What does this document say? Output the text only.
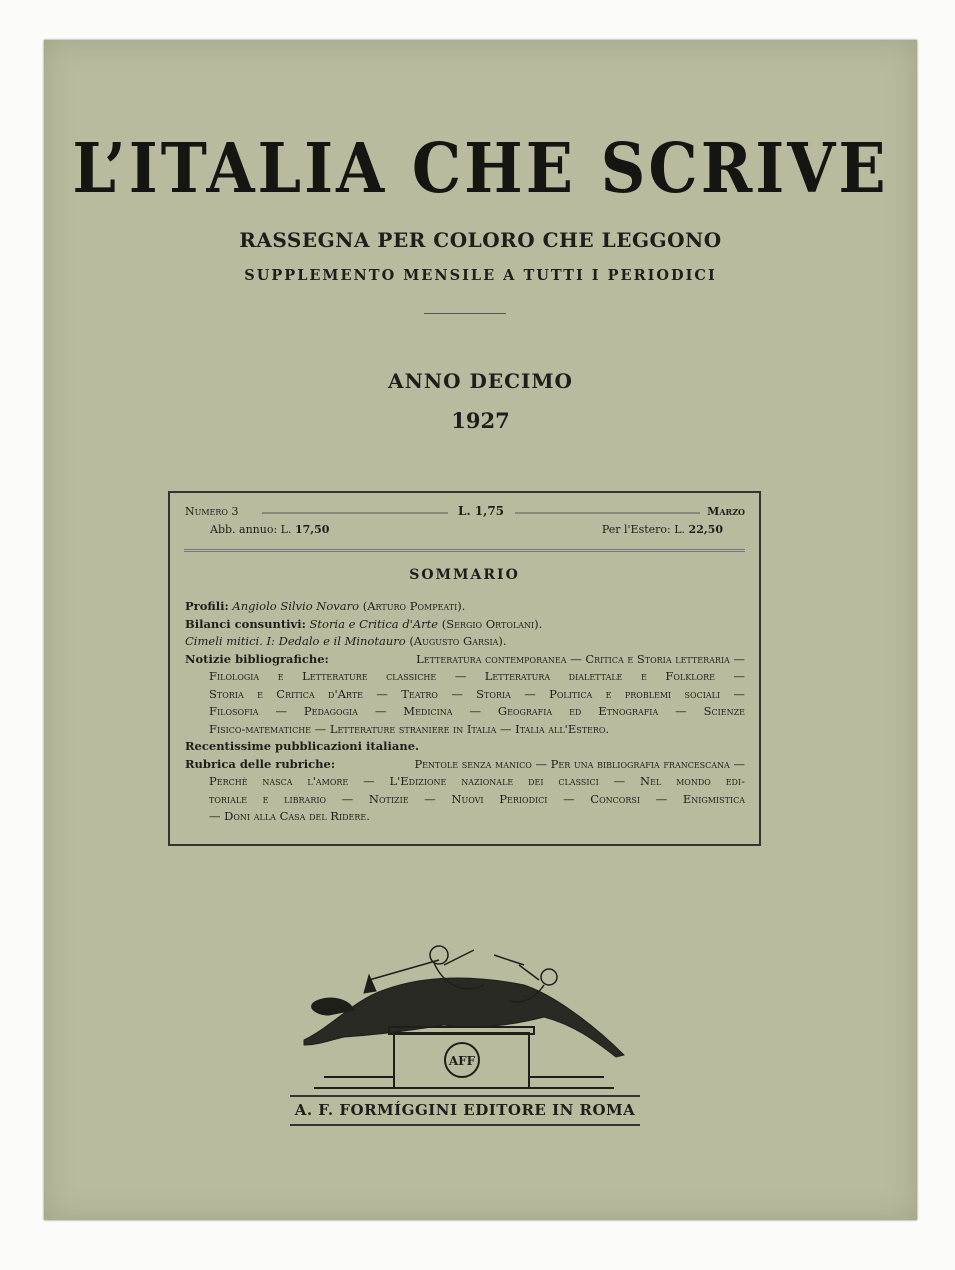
L’ITALIA CHE SCRIVE
RASSEGNA PER COLORO CHE LEGGONO
SUPPLEMENTO MENSILE A TUTTI I PERIODICI
ANNO DECIMO
1927
Numero 3	L. 1,75	Marzo
Abb. annuo: L. 17,50	Per l'Estero: L. 22,50
SOMMARIO
Profili: Angiolo Silvio Novaro (Arturo Pompeati).
Bilanci consuntivi: Storia e Critica d'Arte (Sergio Ortolani).
Cimeli mitici. I: Dedalo e il Minotauro (Augusto Garsia).
Notizie bibliografiche:	Letteratura contemporanea — Critica e Storia letteraria —
Filologia e Letterature classiche — Letteratura dialettale e Folklore —
Storia e Critica d'Arte — Teatro — Storia — Politica e problemi sociali —
Filosofia — Pedagogia — Medicina — Geografia ed Etnografia — Scienze
Fisico-matematiche — Letterature straniere in Italia — Italia all'Estero.
Recentissime pubblicazioni italiane.
Rubrica delle rubriche:	Pentole senza manico — Per una bibliografia francescana —
Perchè nasca l'amore — L'Edizione nazionale dei classici — Nel mondo edi-
toriale e librario — Notizie — Nuovi Periodici — Concorsi — Enigmistica
— Doni alla Casa del Ridere.
AFF
A. F. FORMÍGGINI EDITORE IN ROMA
